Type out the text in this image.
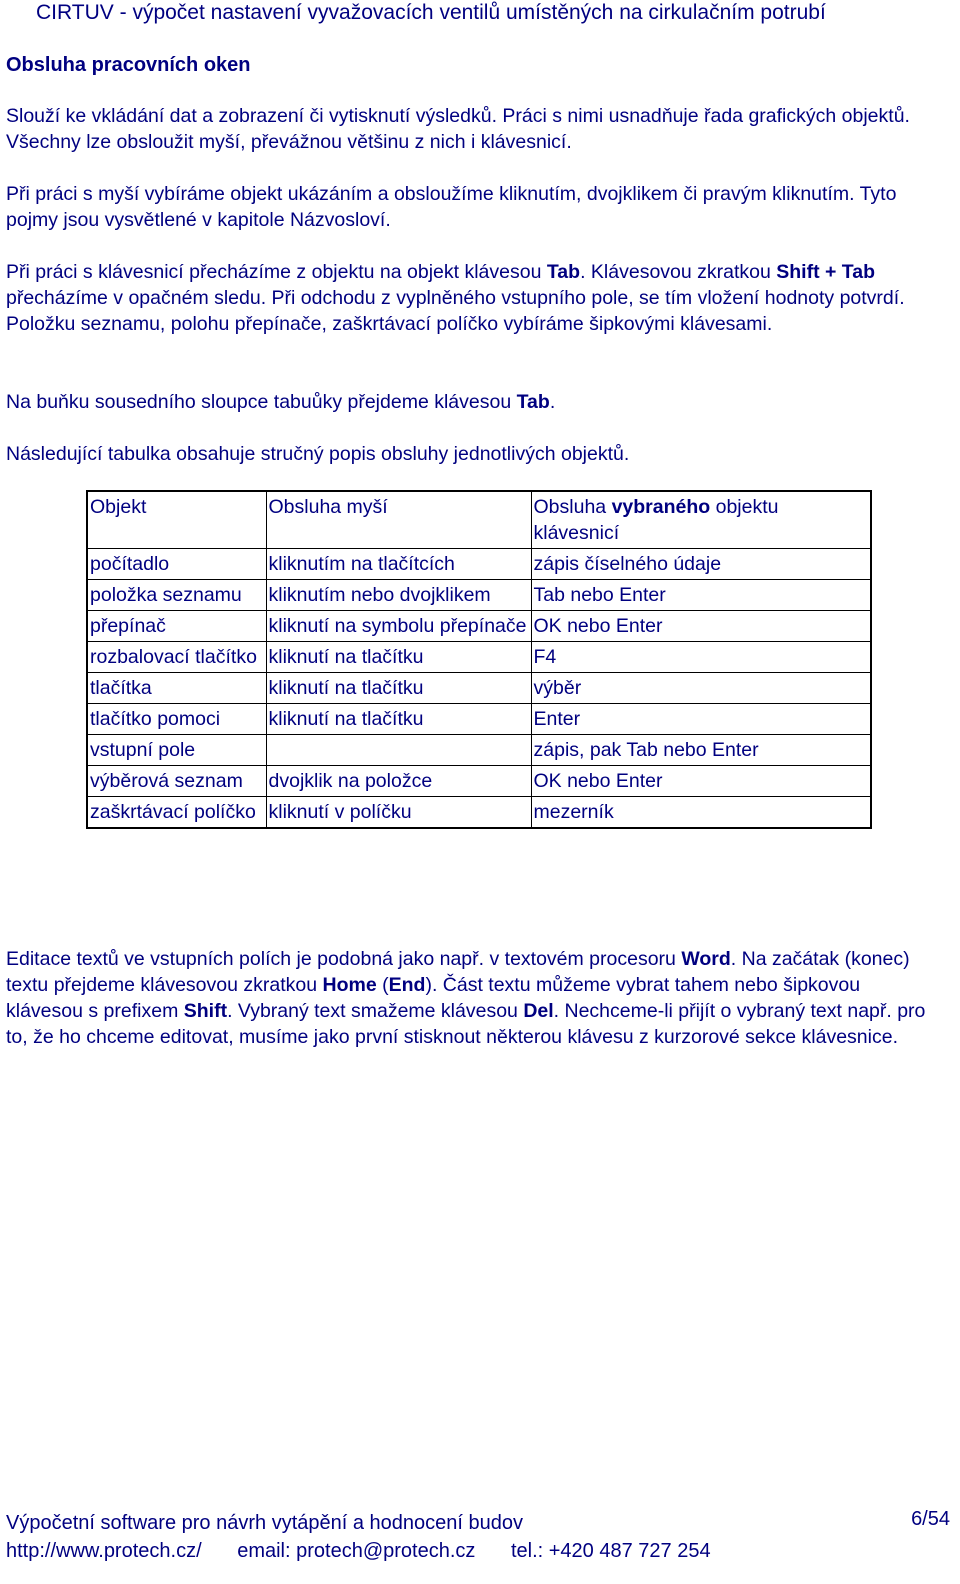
CIRTUV - výpočet nastavení vyvažovacích ventilů umístěných na cirkulačním potrubí
Obsluha pracovních oken

Slouží ke vkládání dat a zobrazení či vytisknutí výsledků. Práci s nimi usnadňuje řada grafických objektů. Všechny lze obsloužit myší, převážnou většinu z nich i klávesnicí.

Při práci s myší vybíráme objekt ukázáním a obsloužíme kliknutím, dvojklikem či pravým kliknutím. Tyto pojmy jsou vysvětlené v kapitole Názvosloví.

Při práci s klávesnicí přecházíme z objektu na objekt klávesou Tab. Klávesovou zkratkou Shift + Tab přecházíme v opačném sledu. Při odchodu z vyplněného vstupního pole, se tím vložení hodnoty potvrdí. Položku seznamu, polohu přepínače, zaškrtávací políčko vybíráme šipkovými klávesami.

Na buňku sousedního sloupce tabuůky přejdeme klávesou Tab.

Následující tabulka obsahuje stručný popis obsluhy jednotlivých objektů.

Objekt	Obsluha myší	Obsluha vybraného objektu klávesnicí
počítadlo	kliknutím na tlačítcích	zápis číselného údaje
položka seznamu	kliknutím nebo dvojklikem	Tab nebo Enter
přepínač	kliknutí na symbolu přepínače	OK nebo Enter
rozbalovací tlačítko	kliknutí na tlačítku	F4
tlačítka	kliknutí na tlačítku	výběr
tlačítko pomoci	kliknutí na tlačítku	Enter
vstupní pole		zápis, pak Tab nebo Enter
výběrová seznam	dvojklik na položce	OK nebo Enter
zaškrtávací políčko	kliknutí v políčku	mezerník

Editace textů ve vstupních polích je podobná jako např. v textovém procesoru Word. Na začátak (konec) textu přejdeme klávesovou zkratkou Home (End). Část textu můžeme vybrat tahem nebo šipkovou klávesou s prefixem Shift. Vybraný text smažeme klávesou Del. Nechceme-li přijít o vybraný text např. pro to, že ho chceme editovat, musíme jako první stisknout některou klávesu z kurzorové sekce klávesnice.

Výpočetní software pro návrh vytápění a hodnocení budov	6/54
http://www.protech.cz/ email: protech@protech.cz tel.: +420 487 727 254
